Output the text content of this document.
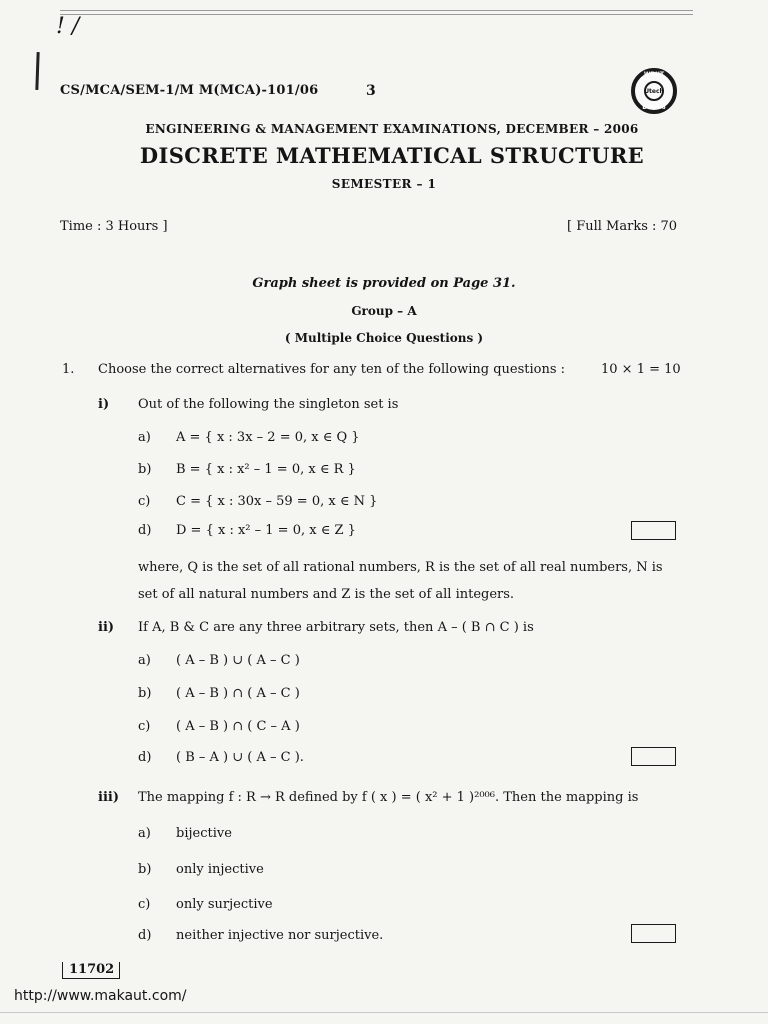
! /
CS/MCA/SEM-1/M M(MCA)-101/06	3
WBUT
Utech
Dec-06
ENGINEERING & MANAGEMENT EXAMINATIONS, DECEMBER – 2006
DISCRETE MATHEMATICAL STRUCTURE
SEMESTER – 1
Time : 3 Hours ]	[ Full Marks : 70
Graph sheet is provided on Page 31.
Group – A
( Multiple Choice Questions )
1. Choose the correct alternatives for any ten of the following questions :	10 × 1 = 10
i) Out of the following the singleton set is
a) A = { x : 3x – 2 = 0, x ∈ Q }
b) B = { x : x² – 1 = 0, x ∈ R }
c) C = { x : 30x – 59 = 0, x ∈ N }
d) D = { x : x² – 1 = 0, x ∈ Z }
where, Q is the set of all rational numbers, R is the set of all real numbers, N is
set of all natural numbers and Z is the set of all integers.
ii) If A, B & C are any three arbitrary sets, then A – ( B ∩ C ) is
a) ( A – B ) ∪ ( A – C )
b) ( A – B ) ∩ ( A – C )
c) ( A – B ) ∩ ( C – A )
d) ( B – A ) ∪ ( A – C ).
iii) The mapping f : R → R defined by f ( x ) = ( x² + 1 )²⁰⁰⁶. Then the mapping is
a) bijective
b) only injective
c) only surjective
d) neither injective nor surjective.
11702
http://www.makaut.com/
